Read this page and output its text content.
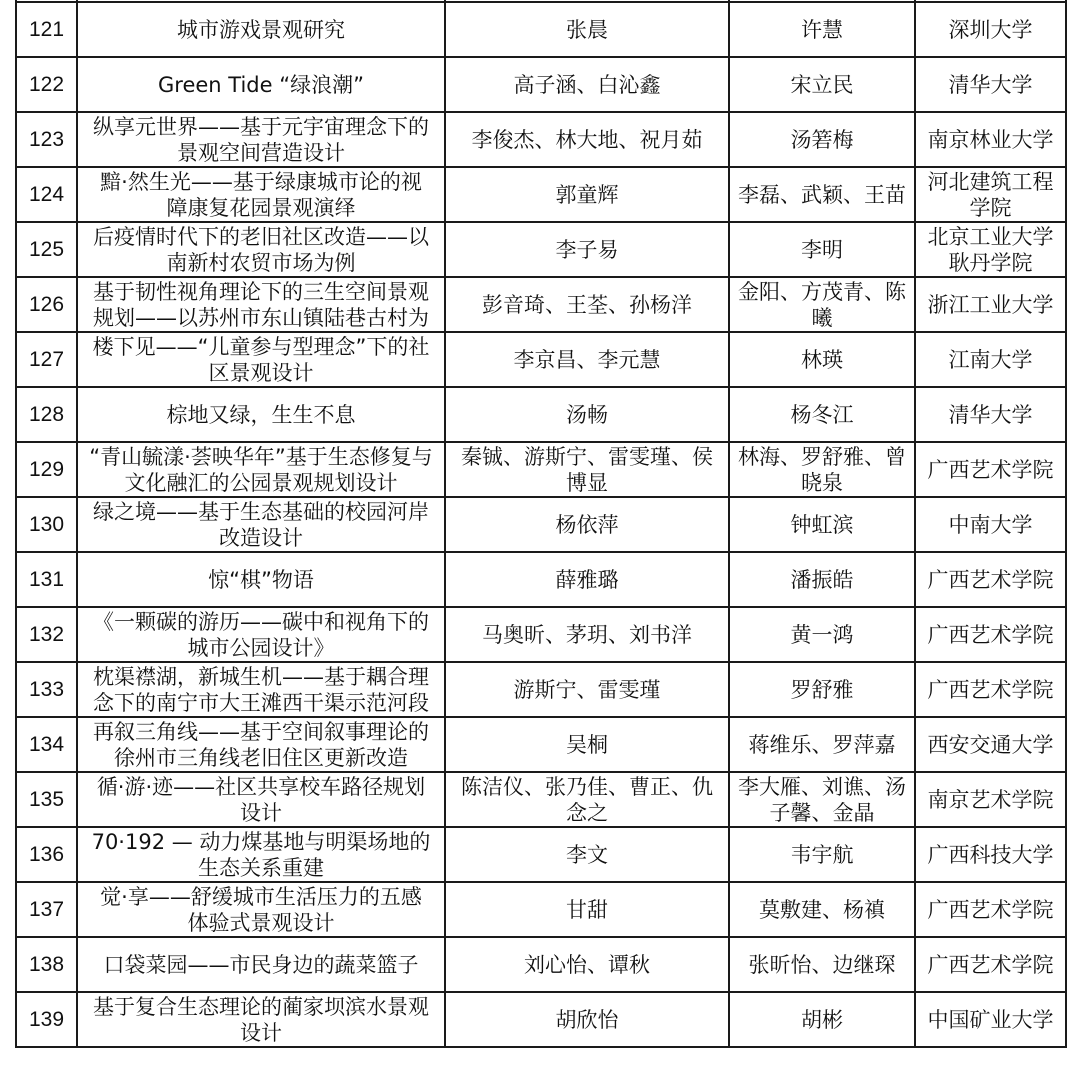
121	城市游戏景观研究	张晨	许慧	深圳大学

122	Green Tide “绿浪潮”	高子涵、白沁鑫	宋立民	清华大学

123	纵享元世界——基于元宇宙理念下的
景观空间营造设计	李俊杰、林大地、祝月茹	汤箬梅	南京林业大学

124	黯·然生光——基于绿康城市论的视
障康复花园景观演绎	郭童辉	李磊、武颖、王苗	河北建筑工程
学院

125	后疫情时代下的老旧社区改造——以
南新村农贸市场为例	李子易	李明	北京工业大学
耿丹学院

126	基于韧性视角理论下的三生空间景观
规划——以苏州市东山镇陆巷古村为	彭音琦、王荃、孙杨洋	金阳、方茂青、陈
曦	浙江工业大学

127	楼下见——“儿童参与型理念”下的社
区景观设计	李京昌、李元慧	林瑛	江南大学

128	棕地又绿，生生不息	汤畅	杨冬江	清华大学

129	“青山毓漾·荟映华年”基于生态修复与
文化融汇的公园景观规划设计	秦铖、游斯宁、雷雯瑾、侯
博显	林海、罗舒雅、曾
晓泉	广西艺术学院

130	绿之境——基于生态基础的校园河岸
改造设计	杨依萍	钟虹滨	中南大学

131	惊“棋”物语	薛雅璐	潘振皓	广西艺术学院

132	《一颗碳的游历——碳中和视角下的
城市公园设计》	马奥昕、茅玥、刘书洋	黄一鸿	广西艺术学院

133	枕渠襟湖，新城生机——基于耦合理
念下的南宁市大王滩西干渠示范河段	游斯宁、雷雯瑾	罗舒雅	广西艺术学院

134	再叙三角线——基于空间叙事理论的
徐州市三角线老旧住区更新改造	吴桐	蒋维乐、罗萍嘉	西安交通大学

135	循·游·迹——社区共享校车路径规划
设计	陈洁仪、张乃佳、曹正、仇
念之	李大雁、刘谯、汤
子馨、金晶	南京艺术学院

136	70·192 — 动力煤基地与明渠场地的
生态关系重建	李文	韦宇航	广西科技大学

137	觉·享——舒缓城市生活压力的五感
体验式景观设计	甘甜	莫敷建、杨禛	广西艺术学院

138	口袋菜园——市民身边的蔬菜篮子	刘心怡、谭秋	张昕怡、边继琛	广西艺术学院

139	基于复合生态理论的蔺家坝滨水景观
设计	胡欣怡	胡彬	中国矿业大学
